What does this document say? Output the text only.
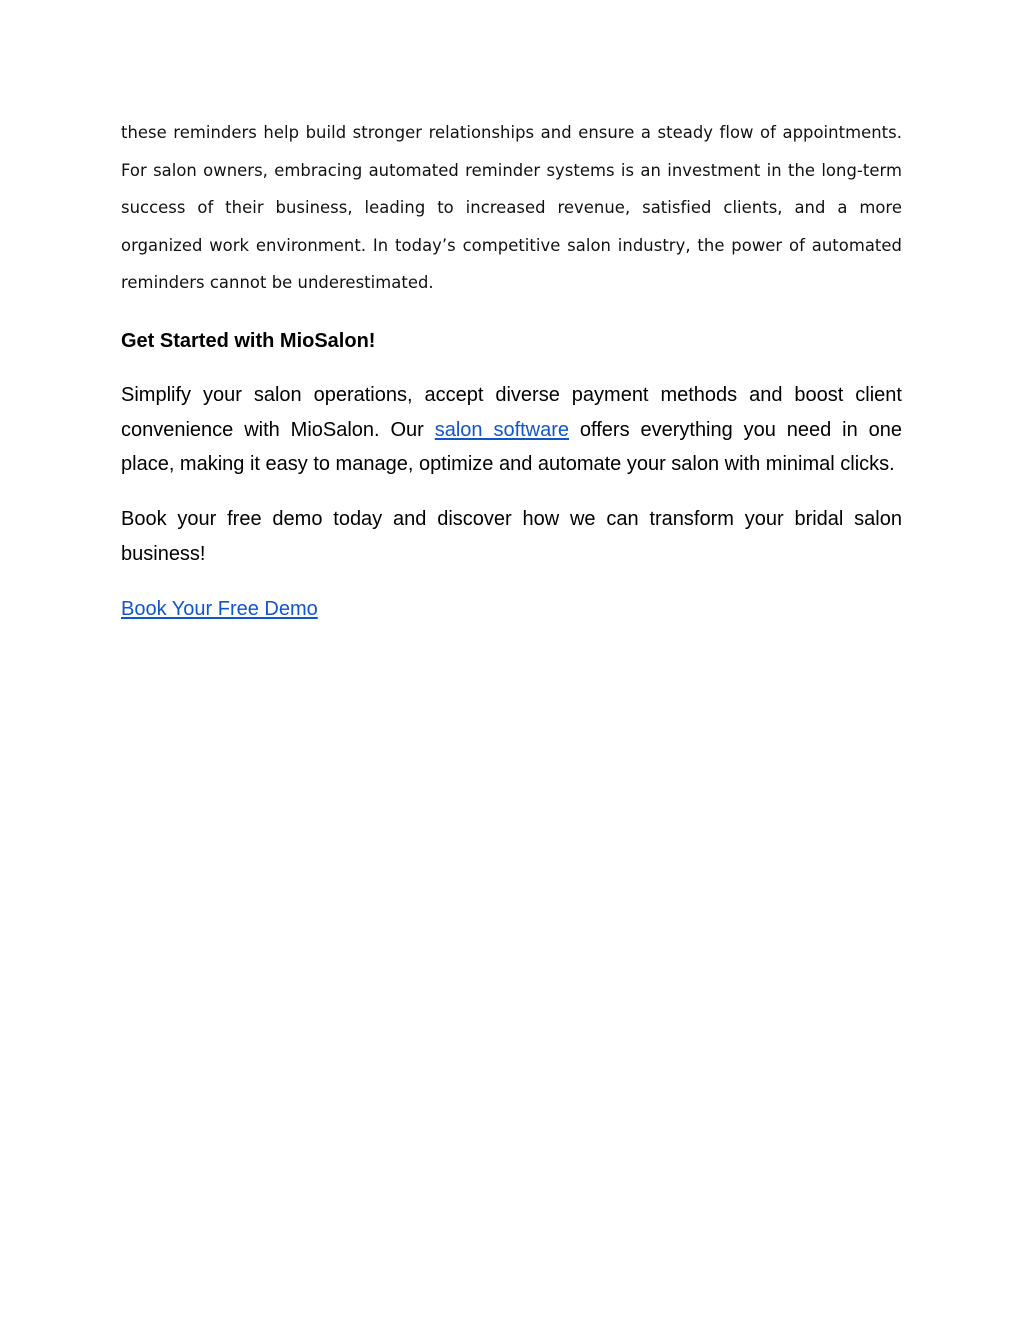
these reminders help build stronger relationships and ensure a steady flow of appointments. For salon owners, embracing automated reminder systems is an investment in the long-term success of their business, leading to increased revenue, satisfied clients, and a more organized work environment. In today’s competitive salon industry, the power of automated reminders cannot be underestimated.

Get Started with MioSalon!

Simplify your salon operations, accept diverse payment methods and boost client convenience with MioSalon. Our salon software offers everything you need in one place, making it easy to manage, optimize and automate your salon with minimal clicks.

Book your free demo today and discover how we can transform your bridal salon business!

Book Your Free Demo
